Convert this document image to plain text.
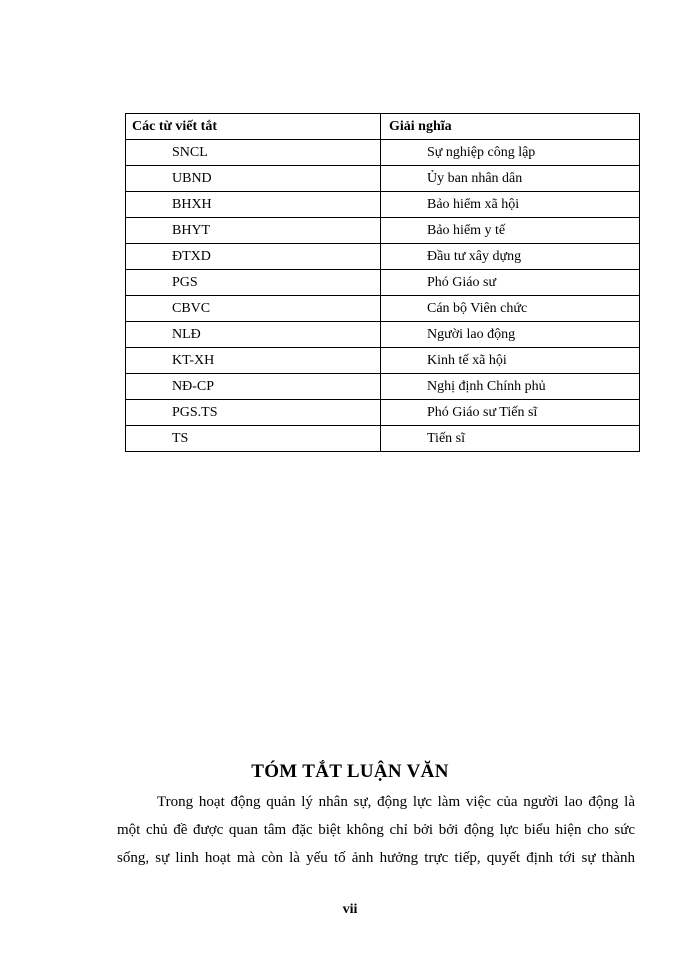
Các từ viết tắt	Giải nghĩa
SNCL	Sự nghiệp công lập
UBND	Ủy ban nhân dân
BHXH	Bảo hiểm xã hội
BHYT	Bảo hiểm y tế
ĐTXD	Đầu tư xây dựng
PGS	Phó Giáo sư
CBVC	Cán bộ Viên chức
NLĐ	Người lao động
KT-XH	Kinh tế xã hội
NĐ-CP	Nghị định Chính phủ
PGS.TS	Phó Giáo sư Tiến sĩ
TS	Tiến sĩ
TÓM TẮT LUẬN VĂN

Trong hoạt động quản lý nhân sự, động lực làm việc của người lao động là
một chủ đề được quan tâm đặc biệt không chỉ bởi bởi động lực biểu hiện cho sức
sống, sự linh hoạt mà còn là yếu tố ảnh hưởng trực tiếp, quyết định tới sự thành

vii
